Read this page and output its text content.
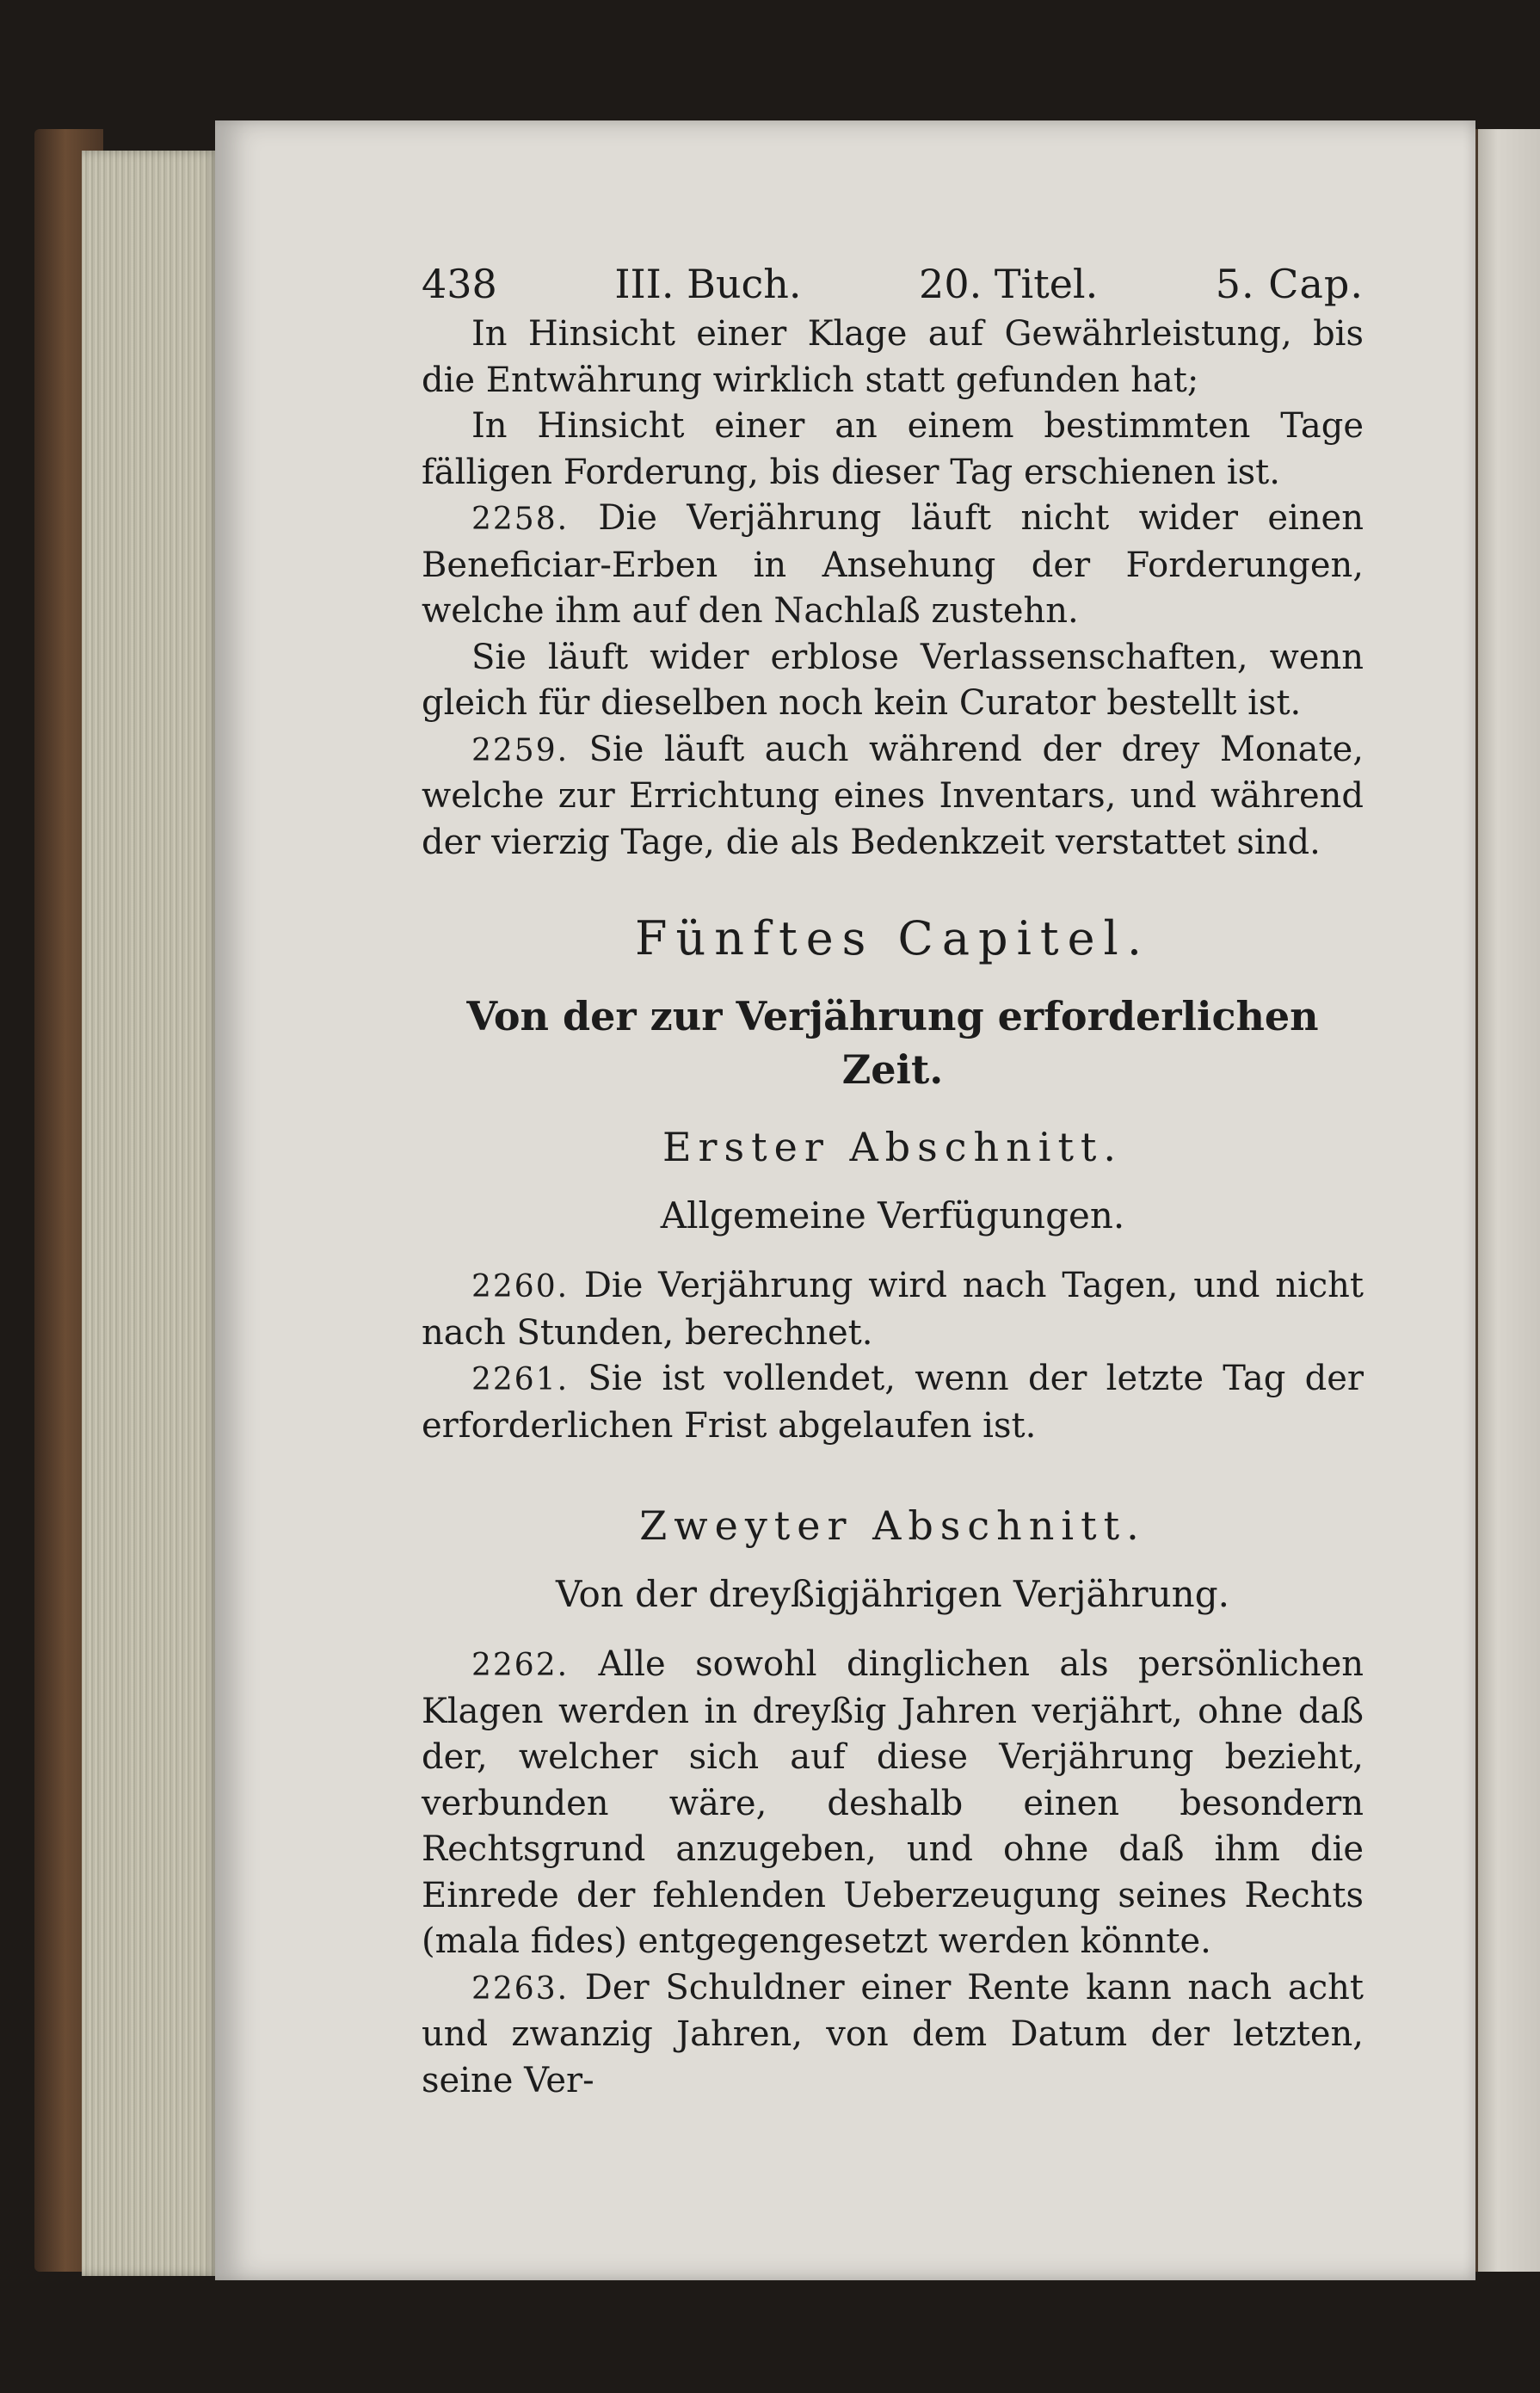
438	III. Buch.	20. Titel.	5. Cap.

In Hinsicht einer Klage auf Gewährleistung, bis die Entwährung wirklich statt gefunden hat;

In Hinsicht einer an einem bestimmten Tage fälligen Forderung, bis dieser Tag erschienen ist.

2258. Die Verjährung läuft nicht wider einen Beneficiar-Erben in Ansehung der Forderungen, welche ihm auf den Nachlaß zustehn.

Sie läuft wider erblose Verlassenschaften, wenn gleich für dieselben noch kein Curator bestellt ist.

2259. Sie läuft auch während der drey Monate, welche zur Errichtung eines Inventars, und während der vierzig Tage, die als Bedenkzeit verstattet sind.

Fünftes Capitel.

Von der zur Verjährung erforderlichen Zeit.

Erster Abschnitt.

Allgemeine Verfügungen.

2260. Die Verjährung wird nach Tagen, und nicht nach Stunden, berechnet.

2261. Sie ist vollendet, wenn der letzte Tag der erforderlichen Frist abgelaufen ist.

Zweyter Abschnitt.

Von der dreyßigjährigen Verjährung.

2262. Alle sowohl dinglichen als persönlichen Klagen werden in dreyßig Jahren verjährt, ohne daß der, welcher sich auf diese Verjährung bezieht, verbunden wäre, deshalb einen besondern Rechtsgrund anzugeben, und ohne daß ihm die Einrede der fehlenden Ueberzeugung seines Rechts (mala fides) entgegengesetzt werden könnte.

2263. Der Schuldner einer Rente kann nach acht und zwanzig Jahren, von dem Datum der letzten, seine Ver-
